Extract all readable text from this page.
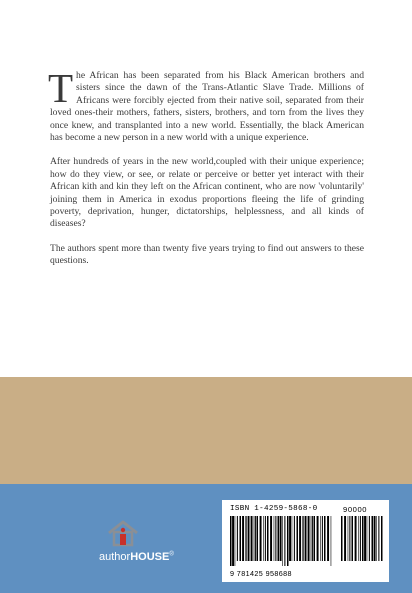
The African has been separated from his Black American brothers and sisters since the dawn of the Trans-Atlantic Slave Trade. Millions of Africans were forcibly ejected from their native soil, separated from their loved ones-their mothers, fathers, sisters, brothers, and torn from the lives they once knew, and transplanted into a new world. Essentially, the black American has become a new person in a new world with a unique experience.

After hundreds of years in the new world,coupled with their unique experience; how do they view, or see, or relate or perceive or better yet interact with their African kith and kin they left on the African continent, who are now 'voluntarily' joining them in America in exodus proportions fleeing the life of grinding poverty, deprivation, hunger, dictatorships, helplessness, and all kinds of diseases?

The authors spent more than twenty five years trying to find out answers to these questions.

authorHOUSE®
ISBN 1-4259-5868-0	90000
9 781425 958688
